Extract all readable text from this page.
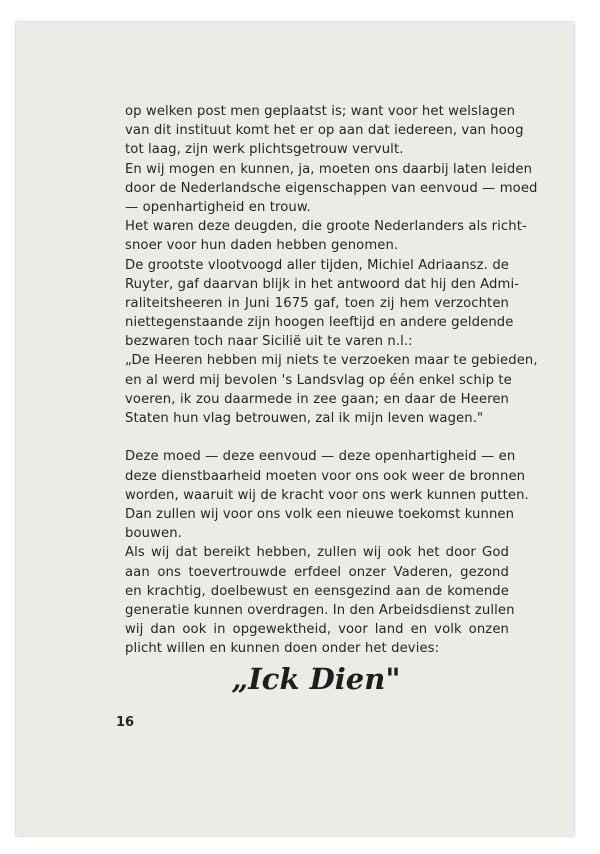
op welken post men geplaatst is; want voor het welslagen
van dit instituut komt het er op aan dat iedereen, van hoog
tot laag, zijn werk plichtsgetrouw vervult.
En wij mogen en kunnen, ja, moeten ons daarbij laten leiden
door de Nederlandsche eigenschappen van eenvoud — moed
— openhartigheid en trouw.
Het waren deze deugden, die groote Nederlanders als richt-
snoer voor hun daden hebben genomen.
De grootste vlootvoogd aller tijden, Michiel Adriaansz. de
Ruyter, gaf daarvan blijk in het antwoord dat hij den Admi-
raliteitsheeren in Juni 1675 gaf, toen zij hem verzochten
niettegenstaande zijn hoogen leeftijd en andere geldende
bezwaren toch naar Sicilië uit te varen n.l.:
„De Heeren hebben mij niets te verzoeken maar te gebieden,
en al werd mij bevolen 's Landsvlag op één enkel schip te
voeren, ik zou daarmede in zee gaan; en daar de Heeren
Staten hun vlag betrouwen, zal ik mijn leven wagen."
Deze moed — deze eenvoud — deze openhartigheid — en
deze dienstbaarheid moeten voor ons ook weer de bronnen
worden, waaruit wij de kracht voor ons werk kunnen putten.
Dan zullen wij voor ons volk een nieuwe toekomst kunnen
bouwen.
Als wij dat bereikt hebben, zullen wij ook het door God
aan ons toevertrouwde erfdeel onzer Vaderen, gezond
en krachtig, doelbewust en eensgezind aan de komende
generatie kunnen overdragen. In den Arbeidsdienst zullen
wij dan ook in opgewektheid, voor land en volk onzen
plicht willen en kunnen doen onder het devies:
„Ick Dien"
16
